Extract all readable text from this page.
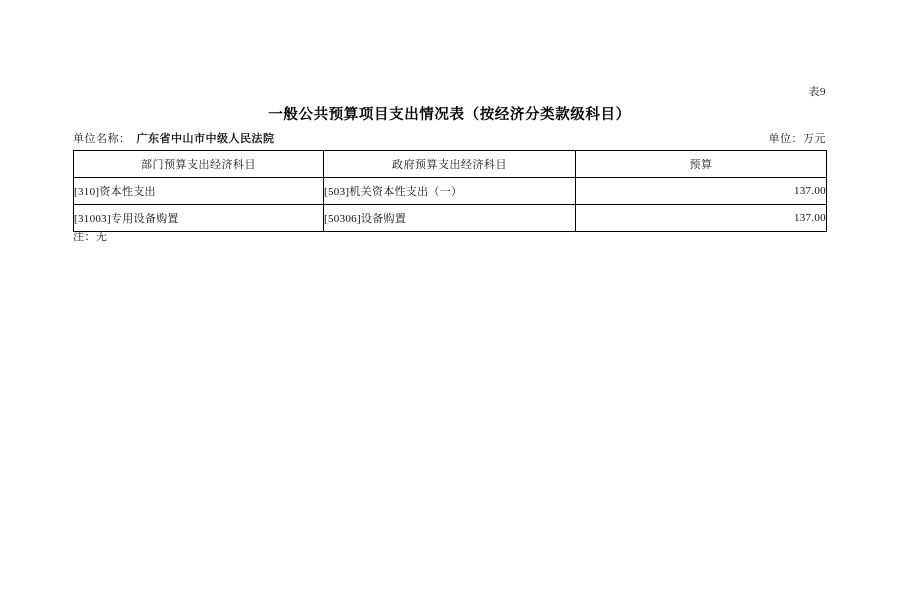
表9
一般公共预算项目支出情况表（按经济分类款级科目）
单位名称： 广东省中山市中级人民法院	单位：万元
部门预算支出经济科目	政府预算支出经济科目	预算
[310]资本性支出	[503]机关资本性支出（一）	137.00
[31003]专用设备购置	[50306]设备购置	137.00
注：无
